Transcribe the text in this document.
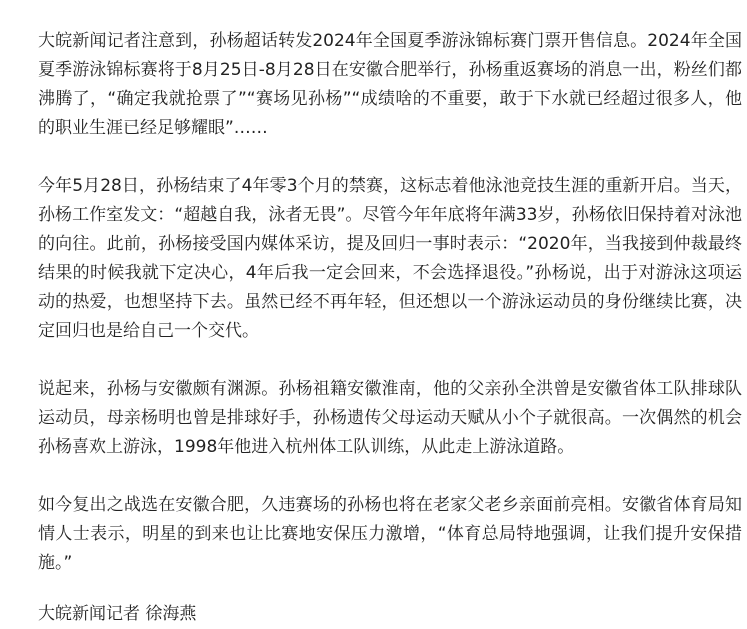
大皖新闻记者注意到，孙杨超话转发2024年全国夏季游泳锦标赛门票开售信息。2024年全国夏季游泳锦标赛将于8月25日-8月28日在安徽合肥举行，孙杨重返赛场的消息一出，粉丝们都沸腾了，“确定我就抢票了”“赛场见孙杨”“成绩啥的不重要，敢于下水就已经超过很多人，他的职业生涯已经足够耀眼”……

今年5月28日，孙杨结束了4年零3个月的禁赛，这标志着他泳池竞技生涯的重新开启。当天，孙杨工作室发文：“超越自我，泳者无畏”。尽管今年年底将年满33岁，孙杨依旧保持着对泳池的向往。此前，孙杨接受国内媒体采访，提及回归一事时表示：“2020年，当我接到仲裁最终结果的时候我就下定决心，4年后我一定会回来，不会选择退役。”孙杨说，出于对游泳这项运动的热爱，也想坚持下去。虽然已经不再年轻，但还想以一个游泳运动员的身份继续比赛，决定回归也是给自己一个交代。

说起来，孙杨与安徽颇有渊源。孙杨祖籍安徽淮南，他的父亲孙全洪曾是安徽省体工队排球队运动员，母亲杨明也曾是排球好手，孙杨遗传父母运动天赋从小个子就很高。一次偶然的机会孙杨喜欢上游泳，1998年他进入杭州体工队训练，从此走上游泳道路。

如今复出之战选在安徽合肥，久违赛场的孙杨也将在老家父老乡亲面前亮相。安徽省体育局知情人士表示，明星的到来也让比赛地安保压力激增，“体育总局特地强调，让我们提升安保措施。”

大皖新闻记者 徐海燕
